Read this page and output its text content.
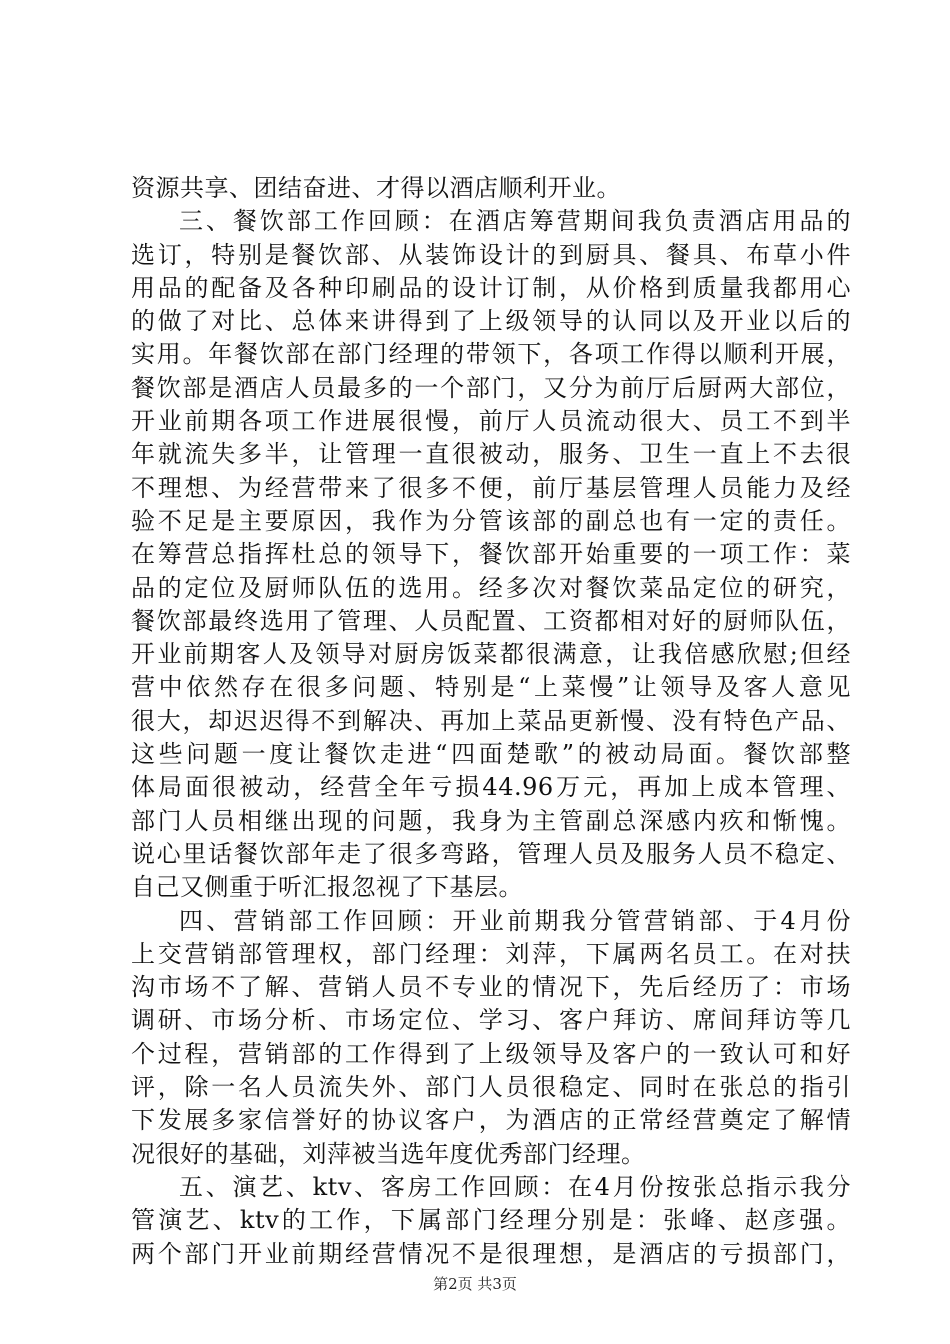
资源共享、团结奋进、才得以酒店顺利开业。
三、餐饮部工作回顾：在酒店筹营期间我负责酒店用品的
选订，特别是餐饮部、从装饰设计的到厨具、餐具、布草小件
用品的配备及各种印刷品的设计订制，从价格到质量我都用心
的做了对比、总体来讲得到了上级领导的认同以及开业以后的
实用。年餐饮部在部门经理的带领下，各项工作得以顺利开展，
餐饮部是酒店人员最多的一个部门，又分为前厅后厨两大部位，
开业前期各项工作进展很慢，前厅人员流动很大、员工不到半
年就流失多半，让管理一直很被动，服务、卫生一直上不去很
不理想、为经营带来了很多不便，前厅基层管理人员能力及经
验不足是主要原因，我作为分管该部的副总也有一定的责任。
在筹营总指挥杜总的领导下，餐饮部开始重要的一项工作：菜
品的定位及厨师队伍的选用。经多次对餐饮菜品定位的研究，
餐饮部最终选用了管理、人员配置、工资都相对好的厨师队伍，
开业前期客人及领导对厨房饭菜都很满意，让我倍感欣慰;但经
营中依然存在很多问题、特别是“上菜慢”让领导及客人意见
很大，却迟迟得不到解决、再加上菜品更新慢、没有特色产品、
这些问题一度让餐饮走进“四面楚歌”的被动局面。餐饮部整
体局面很被动，经营全年亏损44.96万元，再加上成本管理、
部门人员相继出现的问题，我身为主管副总深感内疚和惭愧。
说心里话餐饮部年走了很多弯路，管理人员及服务人员不稳定、
自己又侧重于听汇报忽视了下基层。
四、营销部工作回顾：开业前期我分管营销部、于4月份
上交营销部管理权，部门经理：刘萍，下属两名员工。在对扶
沟市场不了解、营销人员不专业的情况下，先后经历了：市场
调研、市场分析、市场定位、学习、客户拜访、席间拜访等几
个过程，营销部的工作得到了上级领导及客户的一致认可和好
评，除一名人员流失外、部门人员很稳定、同时在张总的指引
下发展多家信誉好的协议客户，为酒店的正常经营奠定了解情
况很好的基础，刘萍被当选年度优秀部门经理。
五、演艺、ktv、客房工作回顾：在4月份按张总指示我分
管演艺、ktv的工作，下属部门经理分别是：张峰、赵彦强。
两个部门开业前期经营情况不是很理想，是酒店的亏损部门，
第2页 共3页
